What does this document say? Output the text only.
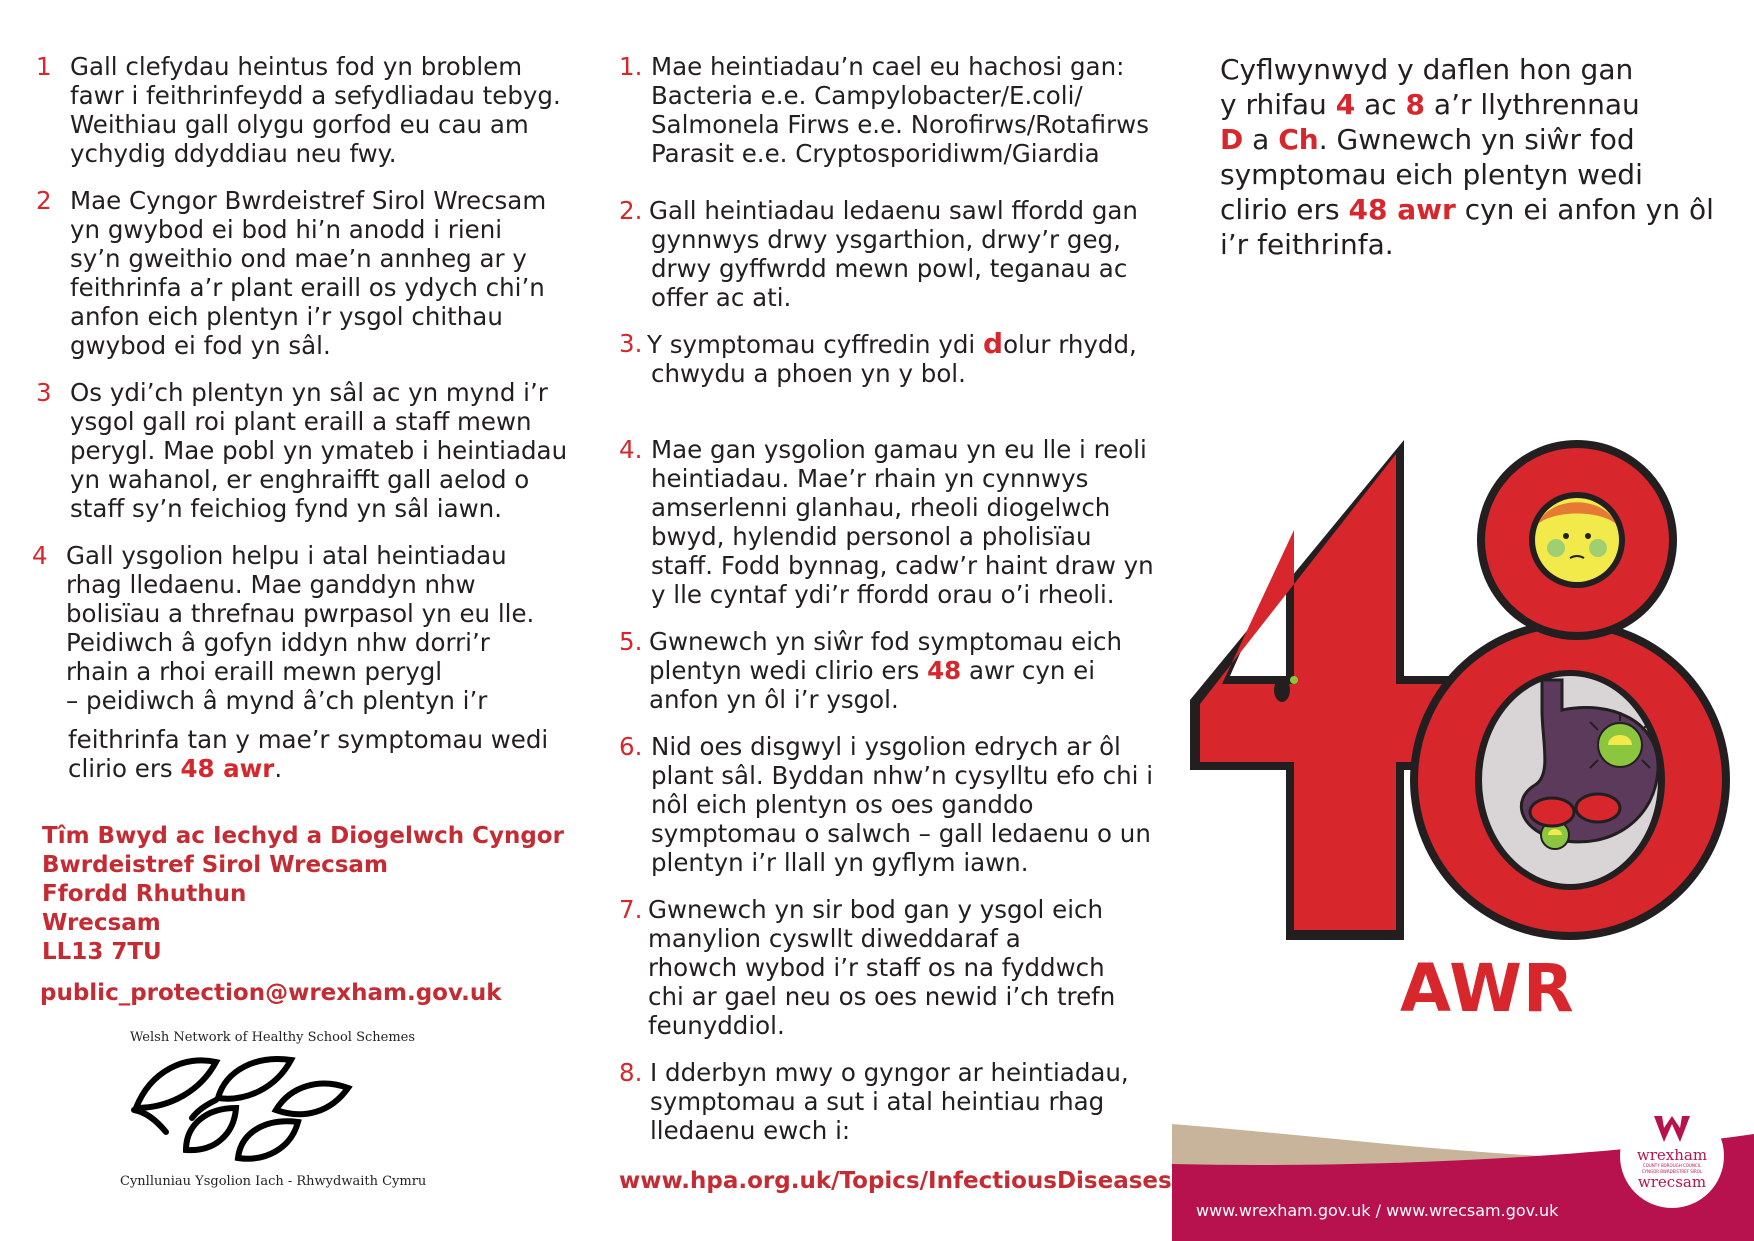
1 Gall clefydau heintus fod yn broblem
fawr i feithrinfeydd a sefydliadau tebyg.
Weithiau gall olygu gorfod eu cau am
ychydig ddyddiau neu fwy.
2 Mae Cyngor Bwrdeistref Sirol Wrecsam
yn gwybod ei bod hi’n anodd i rieni
sy’n gweithio ond mae’n annheg ar y
feithrinfa a’r plant eraill os ydych chi’n
anfon eich plentyn i’r ysgol chithau
gwybod ei fod yn sâl.
3 Os ydi’ch plentyn yn sâl ac yn mynd i’r
ysgol gall roi plant eraill a staff mewn
perygl. Mae pobl yn ymateb i heintiadau
yn wahanol, er enghraifft gall aelod o
staff sy’n feichiog fynd yn sâl iawn.
4 Gall ysgolion helpu i atal heintiadau
rhag lledaenu. Mae ganddyn nhw
bolisïau a threfnau pwrpasol yn eu lle.
Peidiwch â gofyn iddyn nhw dorri’r
rhain a rhoi eraill mewn perygl
– peidiwch â mynd â’ch plentyn i’r
feithrinfa tan y mae’r symptomau wedi
clirio ers 48 awr.
Tîm Bwyd ac Iechyd a Diogelwch Cyngor
Bwrdeistref Sirol Wrecsam
Ffordd Rhuthun
Wrecsam
LL13 7TU
public_protection@wrexham.gov.uk
Welsh Network of Healthy School Schemes
Cynlluniau Ysgolion Iach - Rhwydwaith Cymru
1. Mae heintiadau’n cael eu hachosi gan:
Bacteria e.e. Campylobacter/E.coli/
Salmonela Firws e.e. Norofirws/Rotafirws
Parasit e.e. Cryptosporidiwm/Giardia
2. Gall heintiadau ledaenu sawl ffordd gan
gynnwys drwy ysgarthion, drwy’r geg,
drwy gyffwrdd mewn powl, teganau ac
offer ac ati.
3. Y symptomau cyffredin ydi dolur rhydd,
chwydu a phoen yn y bol.
4. Mae gan ysgolion gamau yn eu lle i reoli
heintiadau. Mae’r rhain yn cynnwys
amserlenni glanhau, rheoli diogelwch
bwyd, hylendid personol a pholisïau
staff. Fodd bynnag, cadw’r haint draw yn
y lle cyntaf ydi’r ffordd orau o’i rheoli.
5. Gwnewch yn siŵr fod symptomau eich
plentyn wedi clirio ers 48 awr cyn ei
anfon yn ôl i’r ysgol.
6. Nid oes disgwyl i ysgolion edrych ar ôl
plant sâl. Byddan nhw’n cysylltu efo chi i
nôl eich plentyn os oes ganddo
symptomau o salwch – gall ledaenu o un
plentyn i’r llall yn gyflym iawn.
7. Gwnewch yn sir bod gan y ysgol eich
manylion cyswllt diweddaraf a
rhowch wybod i’r staff os na fyddwch
chi ar gael neu os oes newid i’ch trefn
feunyddiol.
8. I dderbyn mwy o gyngor ar heintiadau,
symptomau a sut i atal heintiau rhag
lledaenu ewch i:
www.hpa.org.uk/Topics/InfectiousDiseases
Cyflwynwyd y daflen hon gan
y rhifau 4 ac 8 a’r llythrennau
D a Ch. Gwnewch yn siŵr fod
symptomau eich plentyn wedi
clirio ers 48 awr cyn ei anfon yn ôl
i’r feithrinfa.
AWR
www.wrexham.gov.uk / www.wrecsam.gov.uk
wrexham
COUNTY BOROUGH COUNCIL
CYNGOR BWRDEISTREF SIROL
wrecsam
